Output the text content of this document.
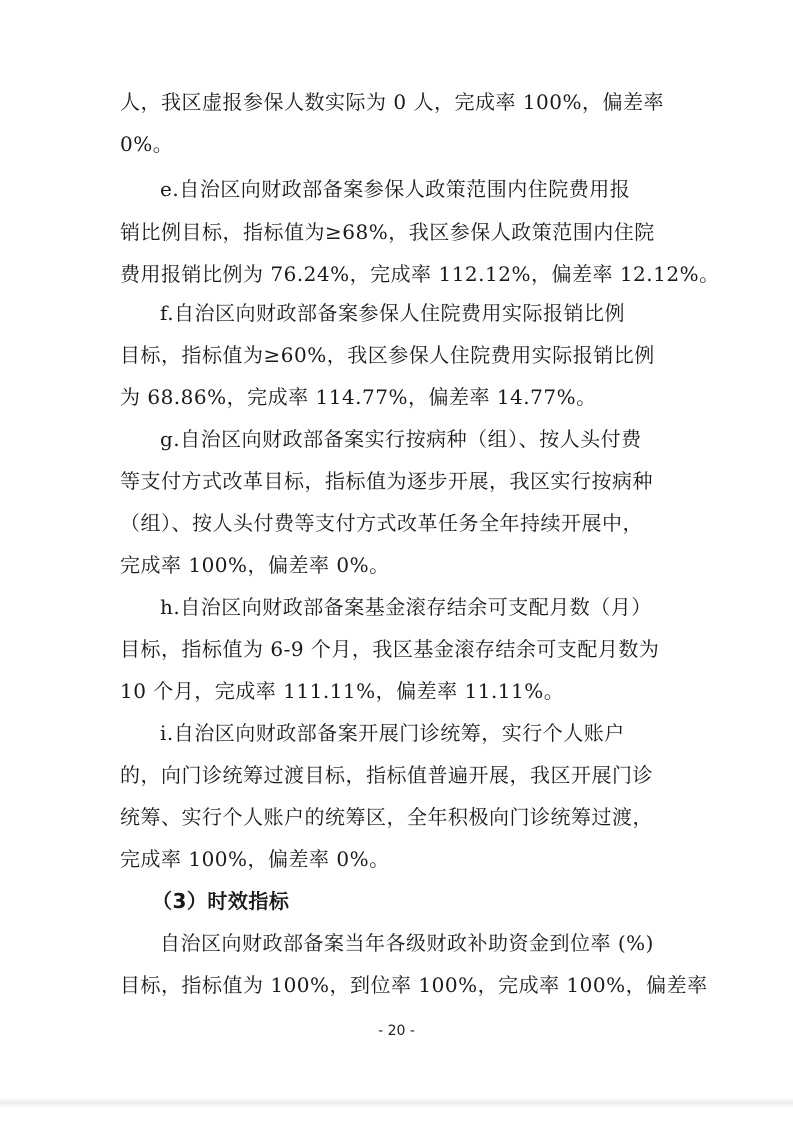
人，我区虚报参保人数实际为 0 人，完成率 100%，偏差率
0%。
e.自治区向财政部备案参保人政策范围内住院费用报
销比例目标，指标值为≥68%，我区参保人政策范围内住院
费用报销比例为 76.24%，完成率 112.12%，偏差率 12.12%。
f.自治区向财政部备案参保人住院费用实际报销比例
目标，指标值为≥60%，我区参保人住院费用实际报销比例
为 68.86%，完成率 114.77%，偏差率 14.77%。
g.自治区向财政部备案实行按病种（组）、按人头付费
等支付方式改革目标，指标值为逐步开展，我区实行按病种
（组）、按人头付费等支付方式改革任务全年持续开展中，
完成率 100%，偏差率 0%。
h.自治区向财政部备案基金滚存结余可支配月数（月）
目标，指标值为 6-9 个月，我区基金滚存结余可支配月数为
10 个月，完成率 111.11%，偏差率 11.11%。
i.自治区向财政部备案开展门诊统筹，实行个人账户
的，向门诊统筹过渡目标，指标值普遍开展，我区开展门诊
统筹、实行个人账户的统筹区，全年积极向门诊统筹过渡，
完成率 100%，偏差率 0%。
（3）时效指标
自治区向财政部备案当年各级财政补助资金到位率 (%)
目标，指标值为 100%，到位率 100%，完成率 100%，偏差率
- 20 -
